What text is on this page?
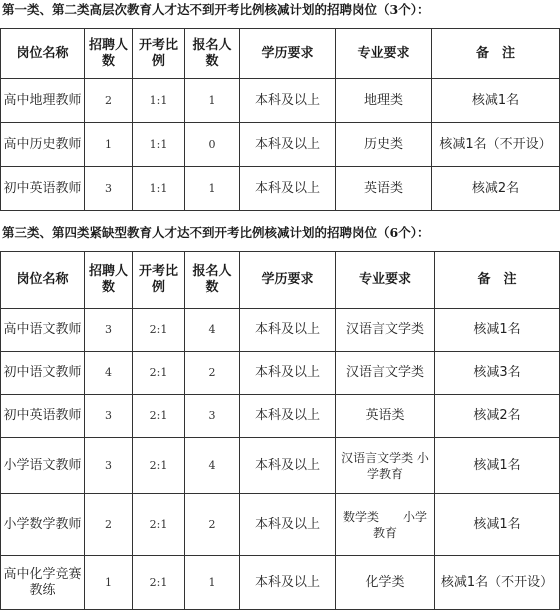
第一类、第二类高层次教育人才达不到开考比例核减计划的招聘岗位（3个）：
岗位名称	招聘人数	开考比例	报名人数	学历要求	专业要求	备　注
高中地理教师	2	1:1	1	本科及以上	地理类	核减1名
高中历史教师	1	1:1	0	本科及以上	历史类	核减1名（不开设）
初中英语教师	3	1:1	1	本科及以上	英语类	核减2名
第三类、第四类紧缺型教育人才达不到开考比例核减计划的招聘岗位（6个）：
岗位名称	招聘人数	开考比例	报名人数	学历要求	专业要求	备　注
高中语文教师	3	2:1	4	本科及以上	汉语言文学类	核减1名
初中语文教师	4	2:1	2	本科及以上	汉语言文学类	核减3名
初中英语教师	3	2:1	3	本科及以上	英语类	核减2名
小学语文教师	3	2:1	4	本科及以上	汉语言文学类 小学教育	核减1名
小学数学教师	2	2:1	2	本科及以上	数学类　　小学教育	核减1名
高中化学竞赛教练	1	2:1	1	本科及以上	化学类	核减1名（不开设）
